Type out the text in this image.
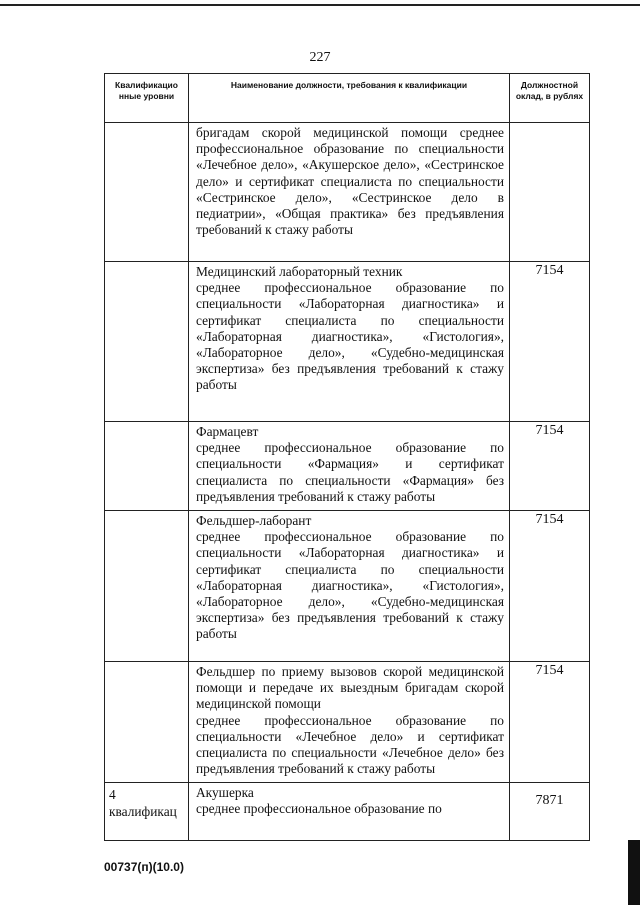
227
Квалификацио нные уровни	Наименование должности, требования к квалификации	Должностной оклад, в рублях

	бригадам скорой медицинской помощи среднее профессиональное образование по специальности «Лечебное дело», «Акушерское дело», «Сестринское дело» и сертификат специалиста по специальности «Сестринское дело», «Сестринское дело в педиатрии», «Общая практика» без предъявления требований к стажу работы	

	Медицинский лабораторный техник
среднее профессиональное образование по специальности «Лабораторная диагностика» и сертификат специалиста по специальности «Лабораторная диагностика», «Гистология», «Лабораторное дело», «Судебно-медицинская экспертиза» без предъявления требований к стажу работы	7154

	Фармацевт
среднее профессиональное образование по специальности «Фармация» и сертификат специалиста по специальности «Фармация» без предъявления требований к стажу работы	7154

	Фельдшер-лаборант
среднее профессиональное образование по специальности «Лабораторная диагностика» и сертификат специалиста по специальности «Лабораторная диагностика», «Гистология», «Лабораторное дело», «Судебно-медицинская экспертиза» без предъявления требований к стажу работы	7154

	Фельдшер по приему вызовов скорой медицинской помощи и передаче их выездным бригадам скорой медицинской помощи
среднее профессиональное образование по специальности «Лечебное дело» и сертификат специалиста по специальности «Лечебное дело» без предъявления требований к стажу работы	7154
4 квалификац	Акушерка
среднее профессиональное образование по	7871
00737(п)(10.0)
